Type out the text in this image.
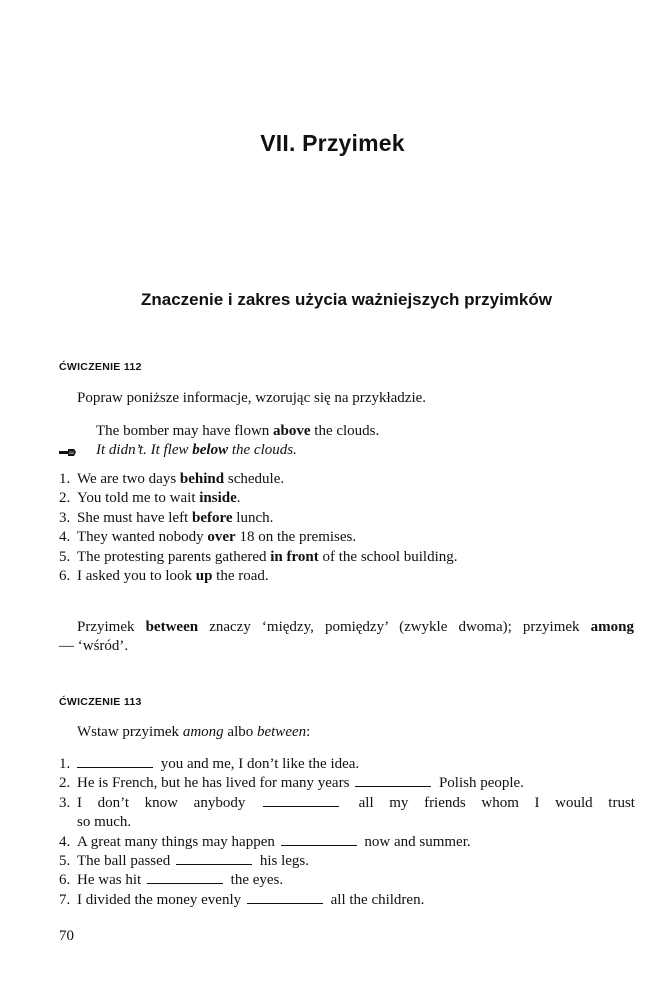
VII. Przyimek
Znaczenie i zakres użycia ważniejszych przyimków
ĆWICZENIE 112
Popraw poniższe informacje, wzorując się na przykładzie.
The bomber may have flown above the clouds.
It didn’t. It flew below the clouds.
1. We are two days behind schedule.
2. You told me to wait inside.
3. She must have left before lunch.
4. They wanted nobody over 18 on the premises.
5. The protesting parents gathered in front of the school building.
6. I asked you to look up the road.
Przyimek between znaczy ‘między, pomiędzy’ (zwykle dwoma); przyimek among
— ‘wśród’.
ĆWICZENIE 113
Wstaw przyimek among albo between:
1.	you and me, I don’t like the idea.
2. He is French, but he has lived for many years	Polish people.
3. I don’t know anybody	all my friends whom I would trust
so much.
4. A great many things may happen	now and summer.
5. The ball passed	his legs.
6. He was hit	the eyes.
7. I divided the money evenly	all the children.
70
